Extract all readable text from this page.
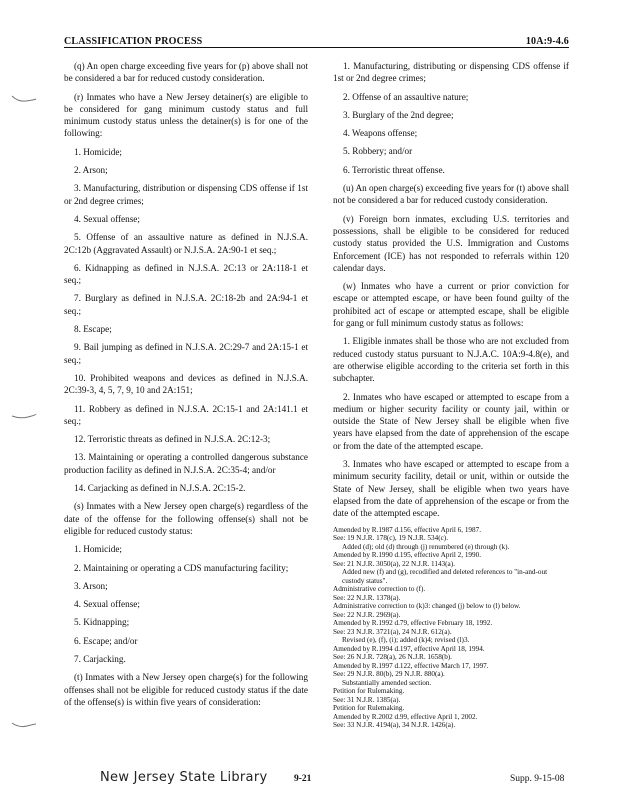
CLASSIFICATION PROCESS	10A:9-4.6

(q) An open charge exceeding five years for (p) above shall not be considered a bar for reduced custody consideration.

(r) Inmates who have a New Jersey detainer(s) are eligible to be considered for gang minimum custody status and full minimum custody status unless the detainer(s) is for one of the following:

1. Homicide;

2. Arson;

3. Manufacturing, distribution or dispensing CDS offense if 1st or 2nd degree crimes;

4. Sexual offense;

5. Offense of an assaultive nature as defined in N.J.S.A. 2C:12b (Aggravated Assault) or N.J.S.A. 2A:90-1 et seq.;

6. Kidnapping as defined in N.J.S.A. 2C:13 or 2A:118-1 et seq.;

7. Burglary as defined in N.J.S.A. 2C:18-2b and 2A:94-1 et seq.;

8. Escape;

9. Bail jumping as defined in N.J.S.A. 2C:29-7 and 2A:15-1 et seq.;

10. Prohibited weapons and devices as defined in N.J.S.A. 2C:39-3, 4, 5, 7, 9, 10 and 2A:151;

11. Robbery as defined in N.J.S.A. 2C:15-1 and 2A:141.1 et seq.;

12. Terroristic threats as defined in N.J.S.A. 2C:12-3;

13. Maintaining or operating a controlled dangerous substance production facility as defined in N.J.S.A. 2C:35-4; and/or

14. Carjacking as defined in N.J.S.A. 2C:15-2.

(s) Inmates with a New Jersey open charge(s) regardless of the date of the offense for the following offense(s) shall not be eligible for reduced custody status:

1. Homicide;

2. Maintaining or operating a CDS manufacturing facility;

3. Arson;

4. Sexual offense;

5. Kidnapping;

6. Escape; and/or

7. Carjacking.

(t) Inmates with a New Jersey open charge(s) for the following offenses shall not be eligible for reduced custody status if the date of the offense(s) is within five years of consideration:

1. Manufacturing, distributing or dispensing CDS offense if 1st or 2nd degree crimes;

2. Offense of an assaultive nature;

3. Burglary of the 2nd degree;

4. Weapons offense;

5. Robbery; and/or

6. Terroristic threat offense.

(u) An open charge(s) exceeding five years for (t) above shall not be considered a bar for reduced custody consideration.

(v) Foreign born inmates, excluding U.S. territories and possessions, shall be eligible to be considered for reduced custody status provided the U.S. Immigration and Customs Enforcement (ICE) has not responded to referrals within 120 calendar days.

(w) Inmates who have a current or prior conviction for escape or attempted escape, or have been found guilty of the prohibited act of escape or attempted escape, shall be eligible for gang or full minimum custody status as follows:

1. Eligible inmates shall be those who are not excluded from reduced custody status pursuant to N.J.A.C. 10A:9-4.8(e), and are otherwise eligible according to the criteria set forth in this subchapter.

2. Inmates who have escaped or attempted to escape from a medium or higher security facility or county jail, within or outside the State of New Jersey shall be eligible when five years have elapsed from the date of apprehension of the escape or from the date of the attempted escape.

3. Inmates who have escaped or attempted to escape from a minimum security facility, detail or unit, within or outside the State of New Jersey, shall be eligible when two years have elapsed from the date of apprehension of the escape or from the date of the attempted escape.

Amended by R.1987 d.156, effective April 6, 1987.
See: 19 N.J.R. 178(c), 19 N.J.R. 534(c).
Added (d); old (d) through (j) renumbered (e) through (k).
Amended by R.1990 d.195, effective April 2, 1990.
See: 21 N.J.R. 3050(a), 22 N.J.R. 1143(a).
Added new (f) and (g), recodified and deleted references to "in-and-out custody status".
Administrative correction to (f).
See: 22 N.J.R. 1378(a).
Administrative correction to (k)3: changed (j) below to (l) below.
See: 22 N.J.R. 2969(a).
Amended by R.1992 d.79, effective February 18, 1992.
See: 23 N.J.R. 3721(a), 24 N.J.R. 612(a).
Revised (e), (f), (i); added (k)4; revised (l)3.
Amended by R.1994 d.197, effective April 18, 1994.
See: 26 N.J.R. 728(a), 26 N.J.R. 1658(b).
Amended by R.1997 d.122, effective March 17, 1997.
See: 29 N.J.R. 80(b), 29 N.J.R. 880(a).
Substantially amended section.
Petition for Rulemaking.
See: 31 N.J.R. 1385(a).
Petition for Rulemaking.
Amended by R.2002 d.99, effective April 1, 2002.
See: 33 N.J.R. 4194(a), 34 N.J.R. 1426(a).
New Jersey State Library	9-21	Supp. 9-15-08
